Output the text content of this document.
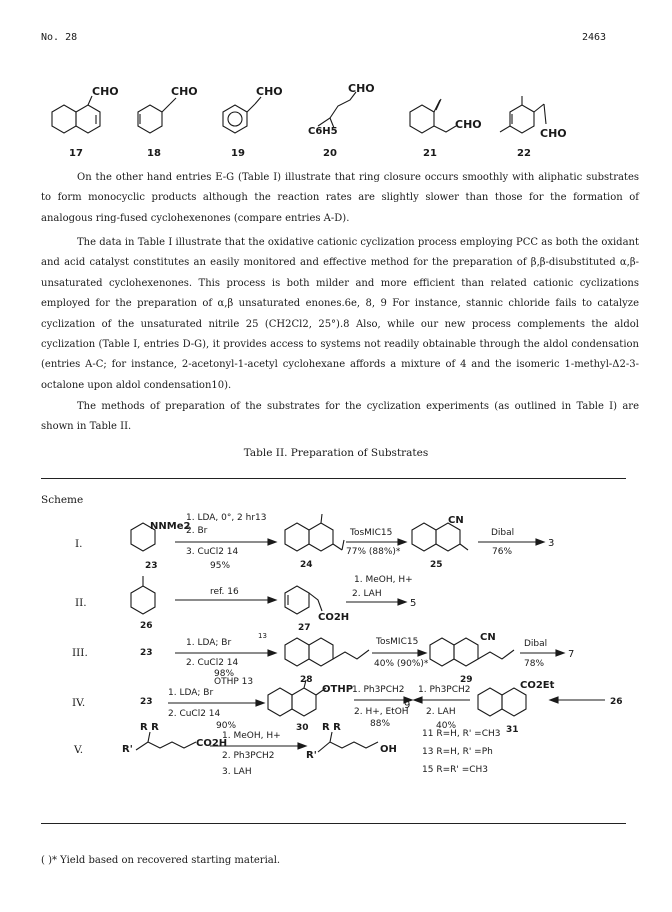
No. 28	2463
CHO	CHO	CHO	CHO
C6H5
CHO
CHO
17	18	19	20	21	22

On the other hand entries E-G (Table I) illustrate that ring closure occurs smoothly with aliphatic substrates to form monocyclic products although the reaction rates are slightly slower than those for the formation of analogous ring-fused cyclohexenones (compare entries A-D).

The data in Table I illustrate that the oxidative cationic cyclization process employing PCC as both the oxidant and acid catalyst constitutes an easily monitored and effective method for the preparation of β,β-disubstituted α,β-unsaturated cyclohexenones. This process is both milder and more efficient than related cationic cyclizations employed for the preparation of α,β unsaturated enones.6e, 8, 9 For instance, stannic chloride fails to catalyze cyclization of the unsaturated nitrile 25 (CH2Cl2, 25°).8 Also, while our new process complements the aldol cyclization (Table I, entries D-G), it provides access to systems not readily obtainable through the aldol condensation (entries A-C; for instance, 2-acetonyl-1-acetyl cyclohexane affords a mixture of 4 and the isomeric 1-methyl-Δ2-3-octalone upon aldol condensation10).

The methods of preparation of the substrates for the cyclization experiments (as outlined in Table I) are shown in Table II.

Table II. Preparation of Substrates
Scheme
I.
II.
III.
IV.
V.
NNMe2
23
1. LDA, 0°, 2 hr13
2. Br
3. CuCl2 14
95%	24
TosMIC15
77% (88%)*
CN
25
Dibal
76%
3
26
ref. 16
27
CO2H
1. MeOH, H+
2. LAH
5
23
1. LDA; Br
2. CuCl2 14
13
98%
28
TosMIC15
40% (90%)*
CN
29
Dibal
78%
7
23
1. LDA; Br
2. CuCl2 14
OTHP 13
90%	30
OTHP
1. Ph3PCH2
2. H+, EtOH
88%
9
1. Ph3PCH2
2. LAH
40%
CO2Et
31
26
R R
R'
CO2H
1. MeOH, H+
2. Ph3PCH2
3. LAH
R R
R'
OH
11 R=H, R' =CH3
13 R=H, R' =Ph
15 R=R' =CH3
( )* Yield based on recovered starting material.
